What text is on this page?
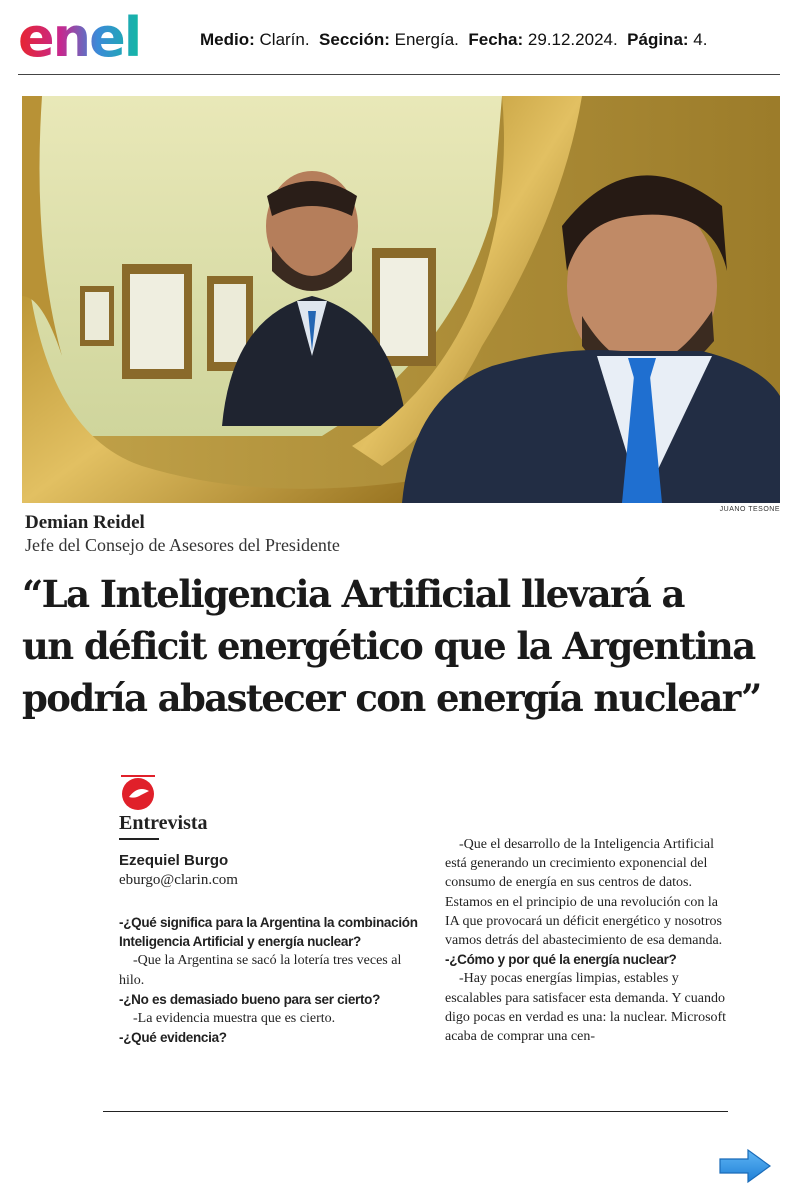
enel	Medio: Clarín. Sección: Energía. Fecha: 29.12.2024. Página: 4.
JUANO TESONE
Demian Reidel
Jefe del Consejo de Asesores del Presidente
“La Inteligencia Artificial llevará a
un déficit energético que la Argentina
podría abastecer con energía nuclear”
Entrevista
Ezequiel Burgo
eburgo@clarin.com

-¿Qué significa para la Argentina la combinación Inteligencia Artificial y energía nuclear?

-Que la Argentina se sacó la lotería tres veces al hilo.

-¿No es demasiado bueno para ser cierto?

-La evidencia muestra que es cierto.

-¿Qué evidencia?

-Que el desarrollo de la Inteligencia Artificial está generando un crecimiento exponencial del consumo de energía en sus centros de datos. Estamos en el principio de una revolución con la IA que provocará un déficit energético y nosotros vamos detrás del abastecimiento de esa demanda.

-¿Cómo y por qué la energía nuclear?

-Hay pocas energías limpias, estables y escalables para satisfacer esta demanda. Y cuando digo pocas en verdad es una: la nuclear. Microsoft acaba de comprar una cen-
